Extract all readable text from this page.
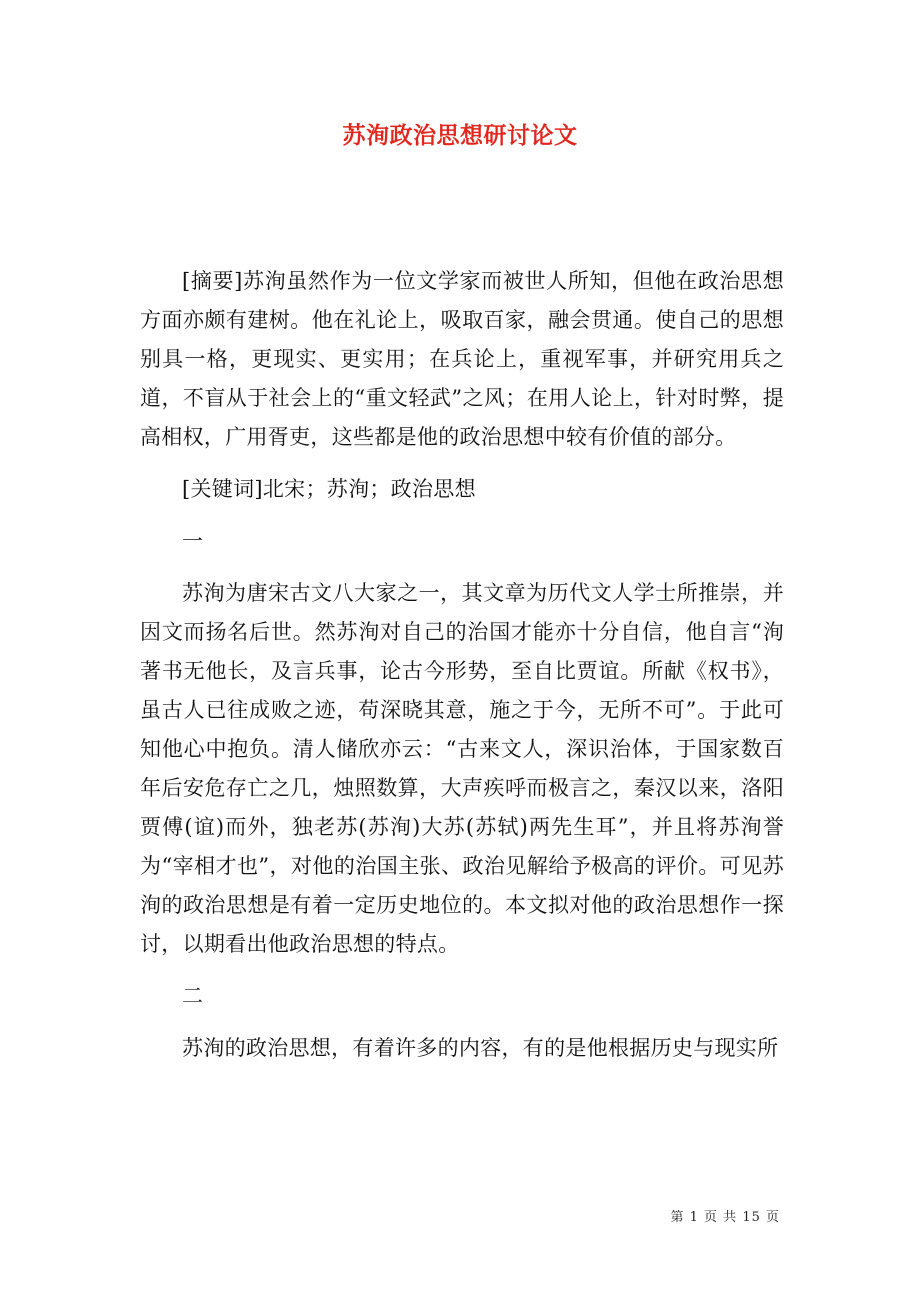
苏洵政治思想研讨论文

[摘要]苏洵虽然作为一位文学家而被世人所知，但他在政治思想方面亦颇有建树。他在礼论上，吸取百家，融会贯通。使自己的思想别具一格，更现实、更实用；在兵论上，重视军事，并研究用兵之道，不盲从于社会上的“重文轻武”之风；在用人论上，针对时弊，提高相权，广用胥吏，这些都是他的政治思想中较有价值的部分。

[关键词]北宋；苏洵；政治思想

一

苏洵为唐宋古文八大家之一，其文章为历代文人学士所推崇，并因文而扬名后世。然苏洵对自己的治国才能亦十分自信，他自言“洵著书无他长，及言兵事，论古今形势，至自比贾谊。所献《权书》，虽古人已往成败之迹，苟深晓其意，施之于今，无所不可”。于此可知他心中抱负。清人储欣亦云：“古来文人，深识治体，于国家数百年后安危存亡之几，烛照数算，大声疾呼而极言之，秦汉以来，洛阳贾傅(谊)而外，独老苏(苏洵)大苏(苏轼)两先生耳”，并且将苏洵誉为“宰相才也”，对他的治国主张、政治见解给予极高的评价。可见苏洵的政治思想是有着一定历史地位的。本文拟对他的政治思想作一探讨，以期看出他政治思想的特点。

二

苏洵的政治思想，有着许多的内容，有的是他根据历史与现实所

第 1 页 共 15 页
